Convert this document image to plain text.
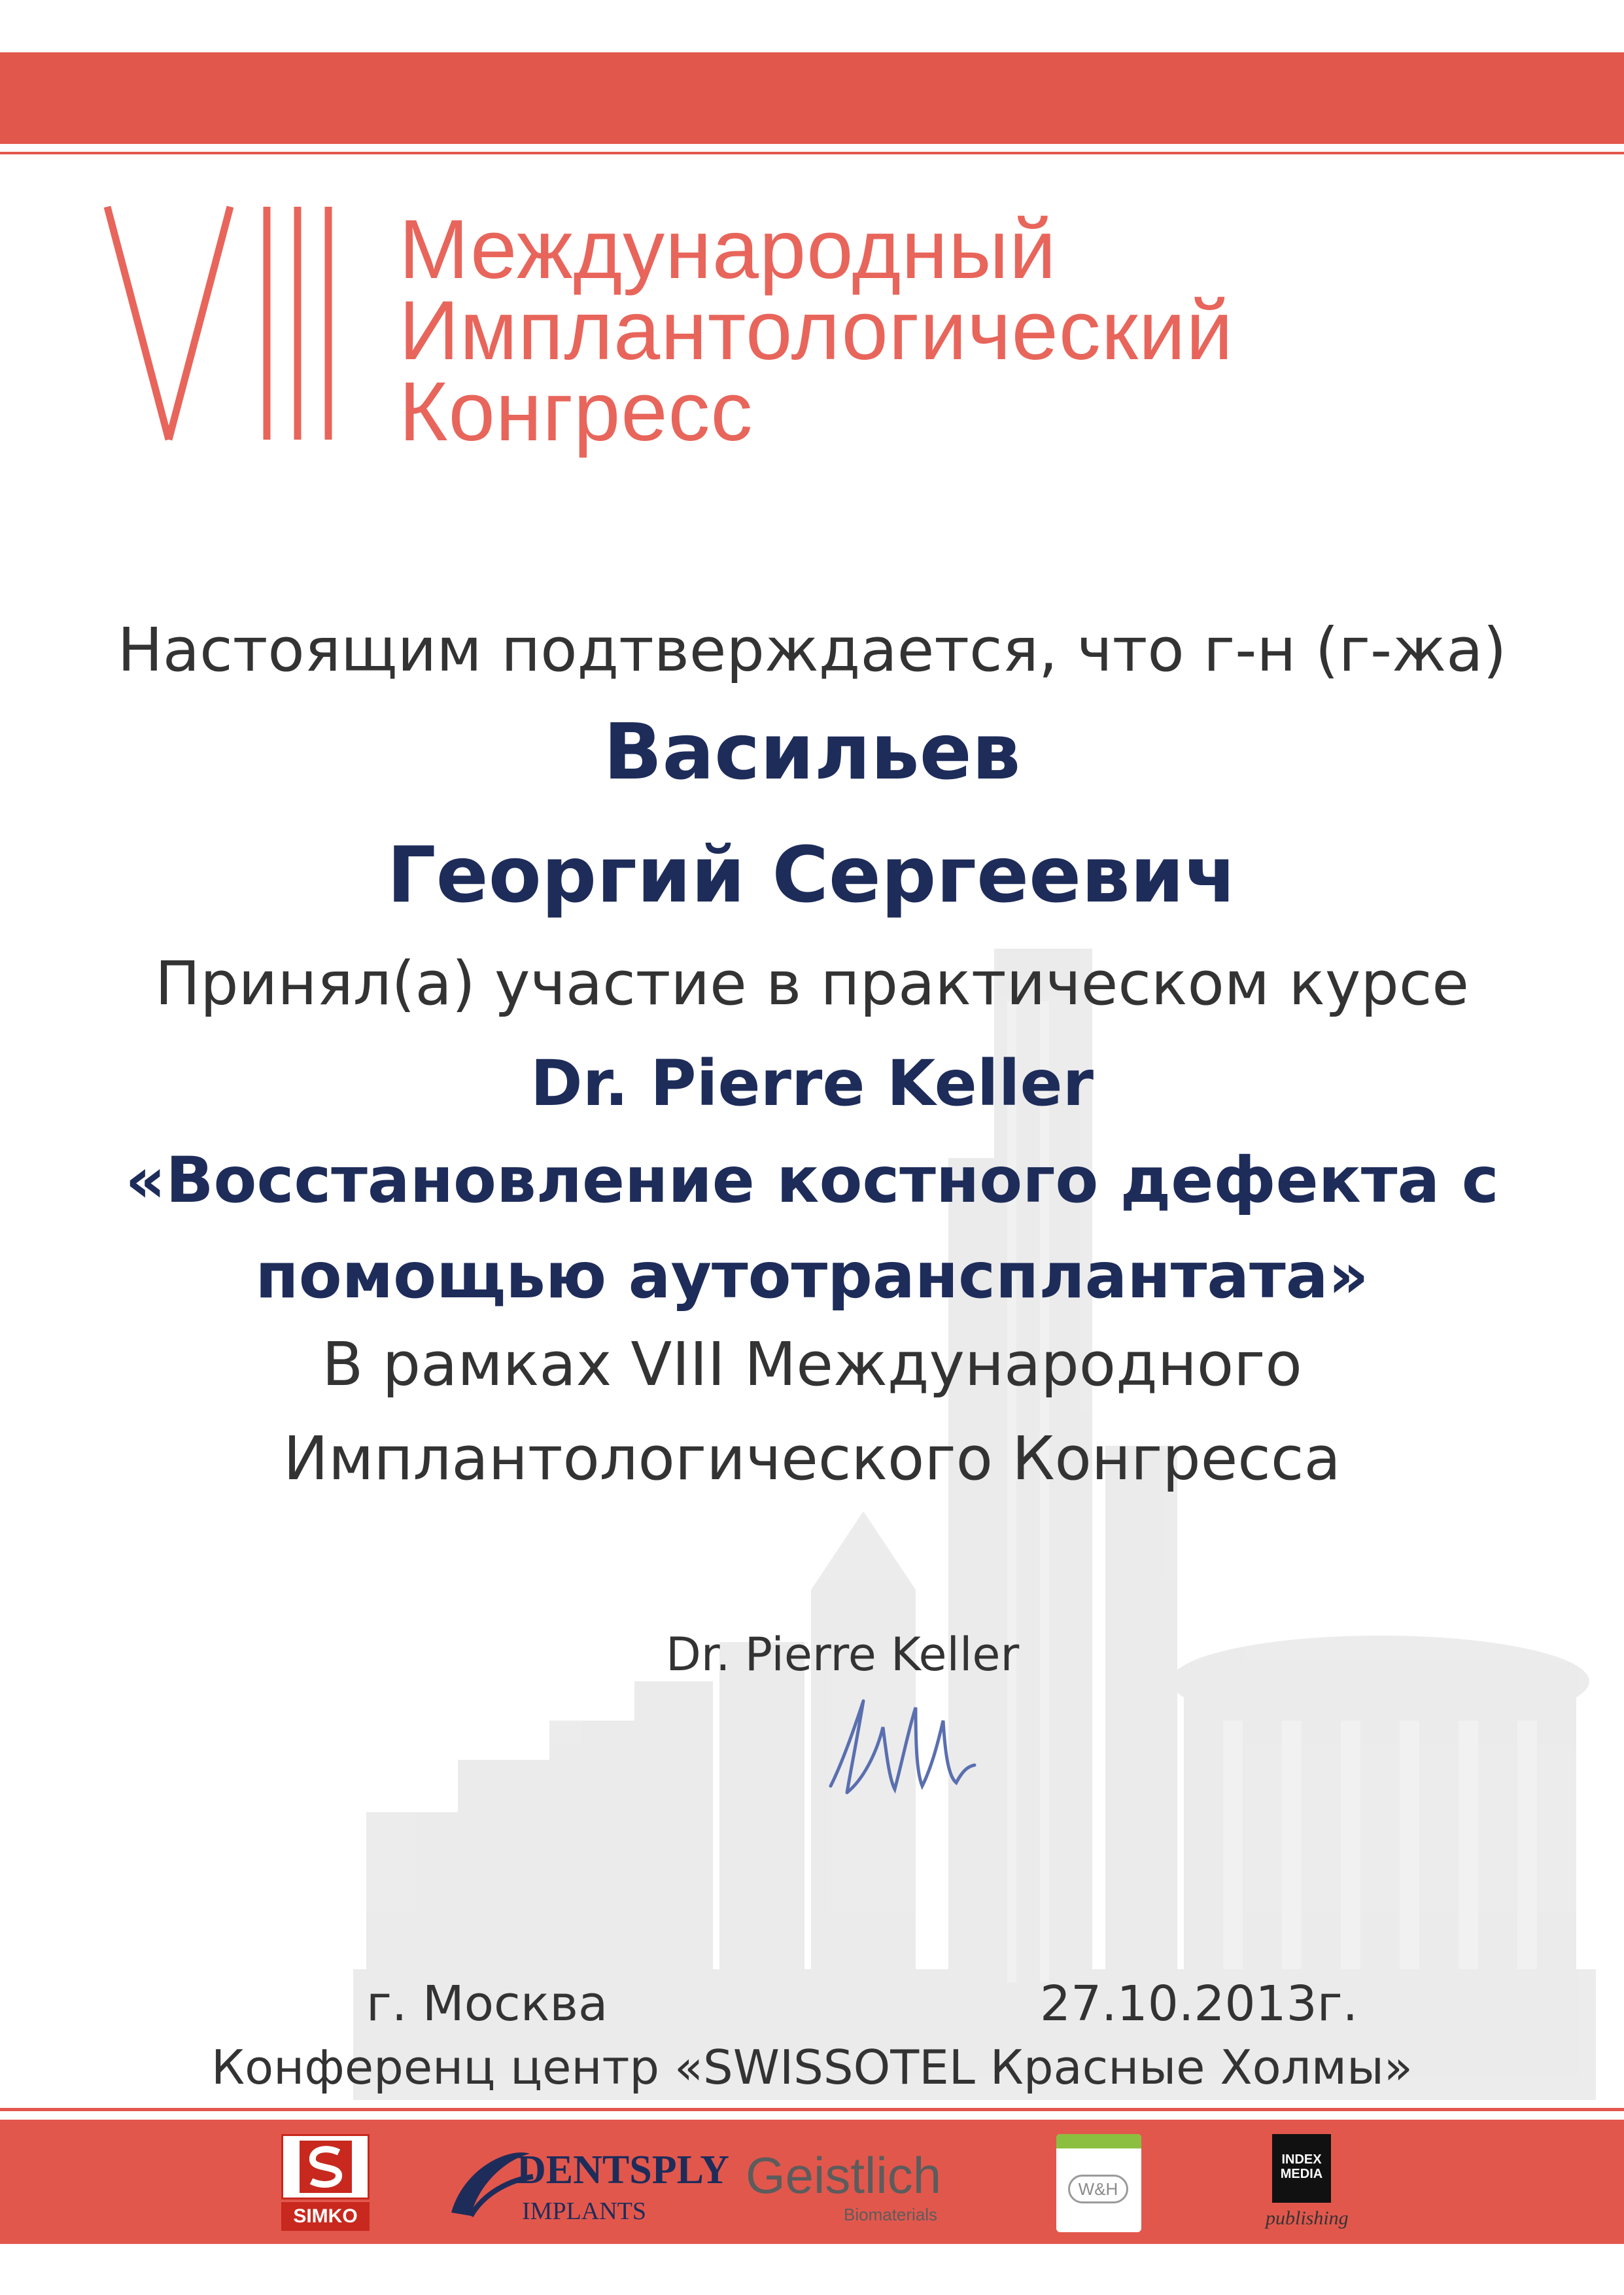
Международный
Имплантологический
Конгресс
Настоящим подтверждается, что г-н (г-жа)
Васильев
Георгий Сергеевич
Принял(а) участие в практическом курсе
Dr. Pierre Keller
«Восстановление костного дефекта с
помощью аутотрансплантата»
В рамках VIII Международного
Имплантологического Конгресса
Dr. Pierre Keller
г. Москва	27.10.2013г.
Конференц центр «SWISSOTEL Красные Холмы»
SIMKO
DENTSPLY
IMPLANTS
Geistlich
Biomaterials
W&H
INDEX
MEDIA
publishing
